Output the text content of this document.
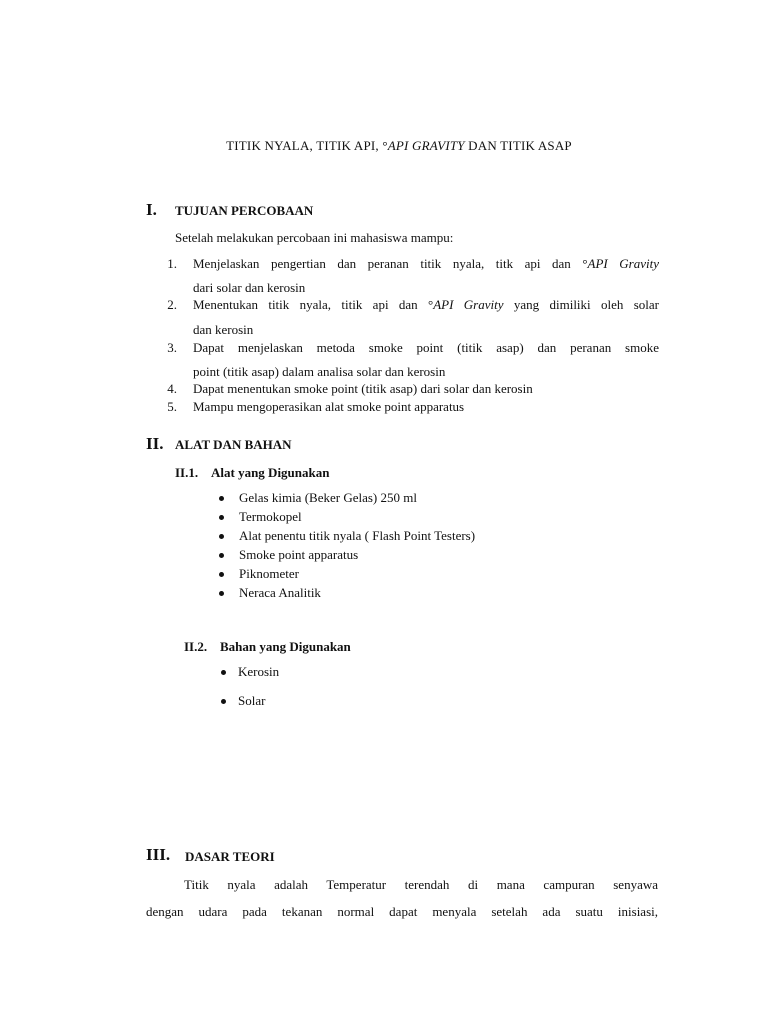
TITIK NYALA, TITIK API, °API GRAVITY DAN TITIK ASAP
I. TUJUAN PERCOBAAN
Setelah melakukan percobaan ini mahasiswa mampu:
1. Menjelaskan pengertian dan peranan titik nyala, titk api dan °API Gravity
dari solar dan kerosin
2. Menentukan titik nyala, titik api dan °API Gravity yang dimiliki oleh solar
dan kerosin
3. Dapat menjelaskan metoda smoke point (titik asap) dan peranan smoke
point (titik asap) dalam analisa solar dan kerosin
4. Dapat menentukan smoke point (titik asap) dari solar dan kerosin
5. Mampu mengoperasikan alat smoke point apparatus
II. ALAT DAN BAHAN
II.1. Alat yang Digunakan
Gelas kimia (Beker Gelas) 250 ml
Termokopel
Alat penentu titik nyala ( Flash Point Testers)
Smoke point apparatus
Piknometer
Neraca Analitik
II.2. Bahan yang Digunakan
Kerosin
Solar
III. DASAR TEORI
Titik nyala adalah Temperatur terendah di mana campuran senyawa
dengan udara pada tekanan normal dapat menyala setelah ada suatu inisiasi,
